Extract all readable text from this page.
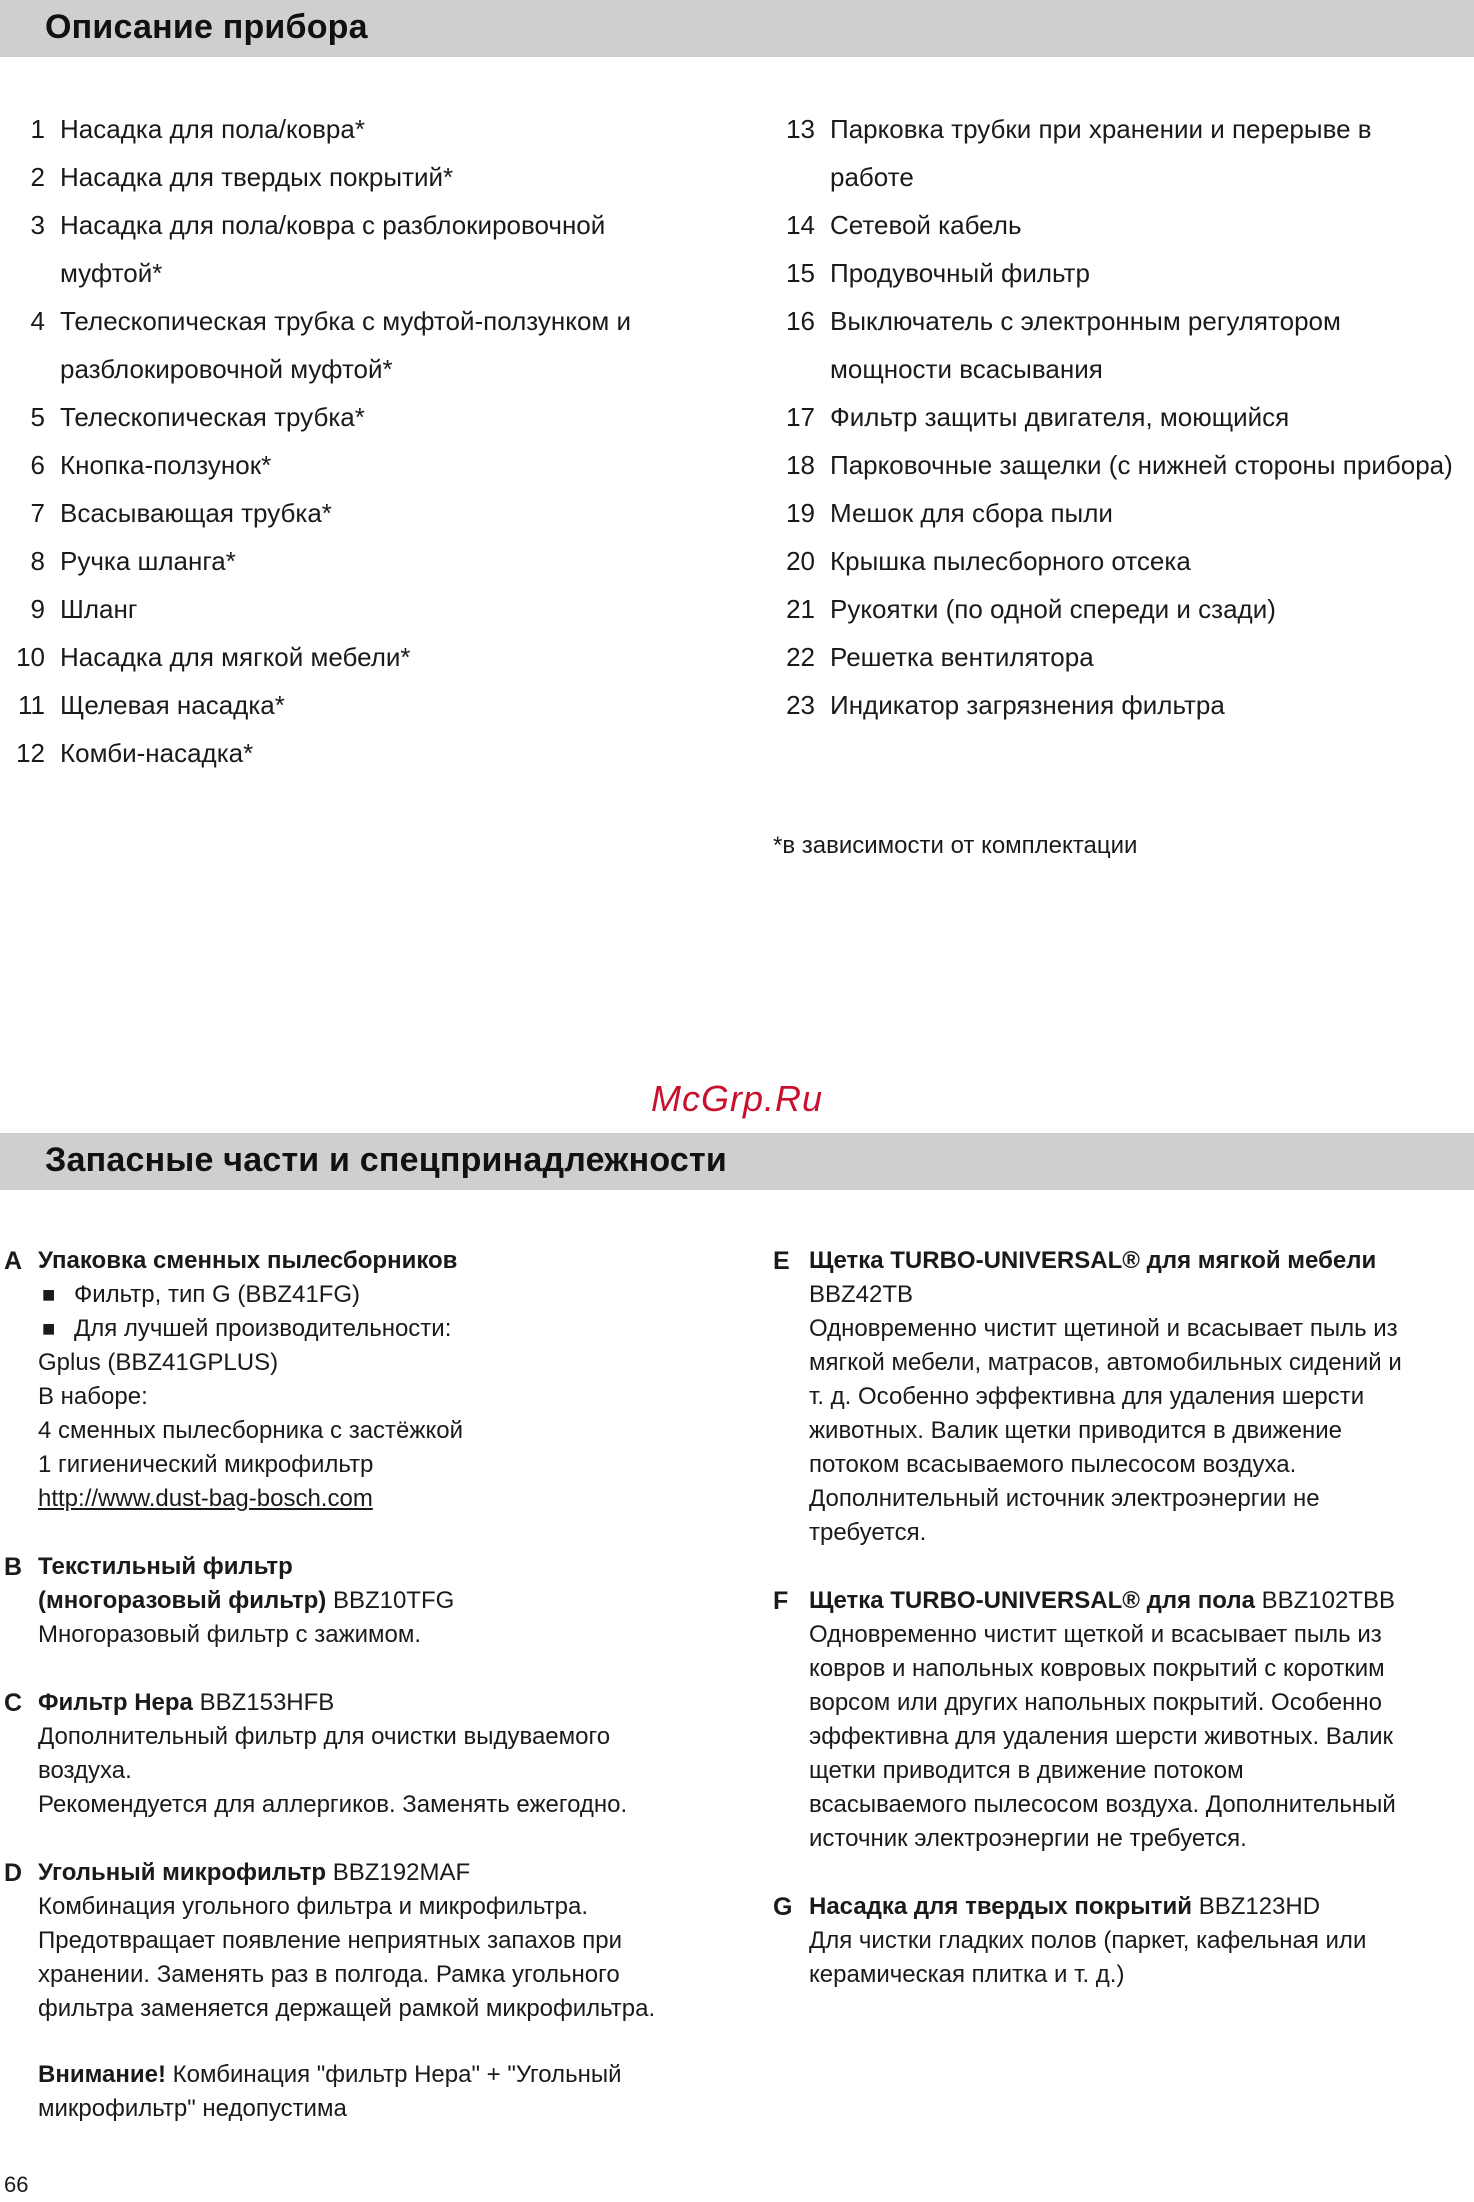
Описание прибора
1 Насадка для пола/ковра*
2 Насадка для твердых покрытий*
3 Насадка для пола/ковра с разблокировочной
муфтой*
4 Телескопическая трубка с муфтой-ползунком и
разблокировочной муфтой*
5 Телескопическая трубка*
6 Кнопка-ползунок*
7 Всасывающая трубка*
8 Ручка шланга*
9 Шланг
10 Насадка для мягкой мебели*
11 Щелевая насадка*
12 Комби-насадка*
13 Парковка трубки при хранении и перерыве в
работе
14 Сетевой кабель
15 Продувочный фильтр
16 Выключатель с электронным регулятором
мощности всасывания
17 Фильтр защиты двигателя, моющийся
18 Парковочные защелки (с нижней стороны прибора)
19 Мешок для сбора пыли
20 Крышка пылесборного отсека
21 Рукоятки (по одной спереди и сзади)
22 Решетка вентилятора
23 Индикатор загрязнения фильтра
*в зависимости от комплектации
McGrp.Ru
Запасные части и спецпринадлежности
A Упаковка сменных пылесборников

■ Фильтр, тип G (BBZ41FG)

■ Для лучшей производительности:

Gplus (BBZ41GPLUS)

В наборе:

4 сменных пылесборника с застёжкой

1 гигиенический микрофильтр

http://www.dust-bag-bosch.com

B Текстильный фильтр

(многоразовый фильтр) BBZ10TFG

Многоразовый фильтр с зажимом.

C Фильтр Hepa BBZ153HFB

Дополнительный фильтр для очистки выдуваемого

воздуха.

Рекомендуется для аллергиков. Заменять ежегодно.

D Угольный микрофильтр BBZ192MAF

Комбинация угольного фильтра и микрофильтра.

Предотвращает появление неприятных запахов при

хранении. Заменять раз в полгода. Рамка угольного

фильтра заменяется держащей рамкой микрофильтра.

Внимание! Комбинация "фильтр Hepa" + "Угольный
микрофильтр" недопустима
E Щетка TURBO-UNIVERSAL® для мягкой мебели

BBZ42TB

Одновременно чистит щетиной и всасывает пыль из

мягкой мебели, матрасов, автомобильных сидений и

т. д. Особенно эффективна для удаления шерсти

животных. Валик щетки приводится в движение

потоком всасываемого пылесосом воздуха.

Дополнительный источник электроэнергии не

требуется.

F Щетка TURBO-UNIVERSAL® для пола BBZ102TBB

Одновременно чистит щеткой и всасывает пыль из

ковров и напольных ковровых покрытий с коротким

ворсом или других напольных покрытий. Особенно

эффективна для удаления шерсти животных. Валик

щетки приводится в движение потоком

всасываемого пылесосом воздуха. Дополнительный

источник электроэнергии не требуется.

G Насадка для твердых покрытий BBZ123HD

Для чистки гладких полов (паркет, кафельная или

керамическая плитка и т. д.)

66
